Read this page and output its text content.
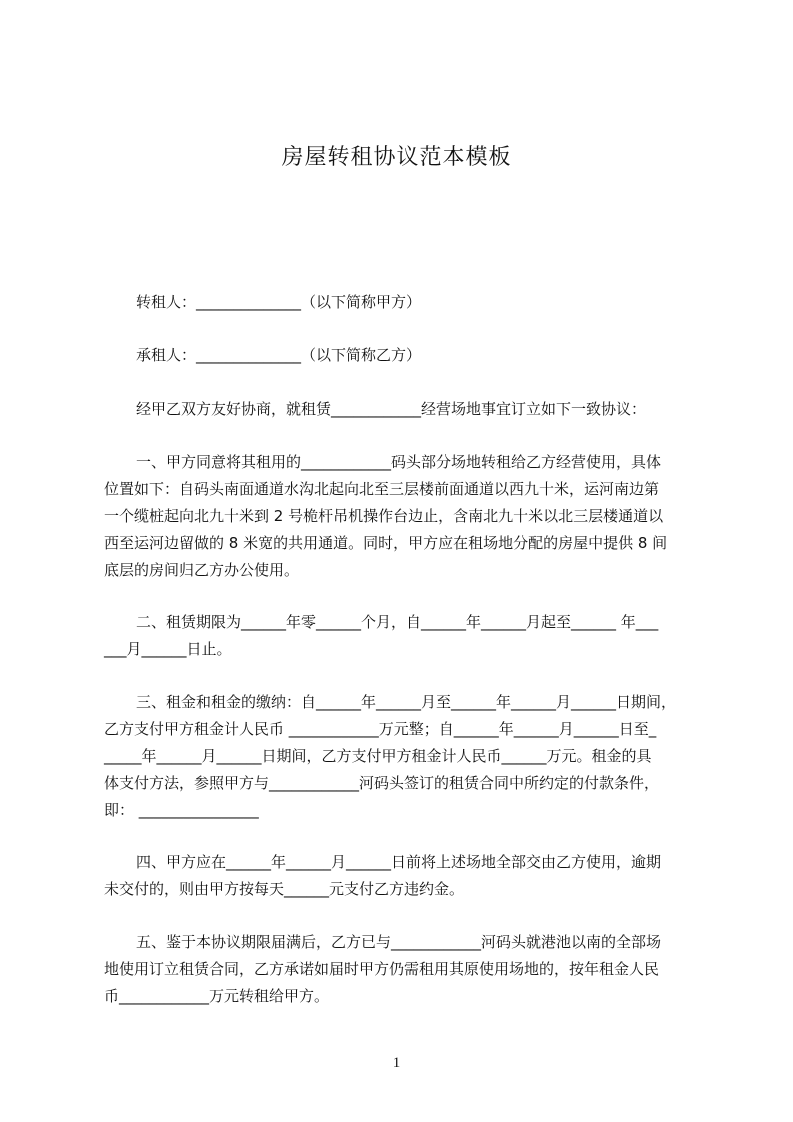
房屋转租协议范本模板
转租人：______________（以下简称甲方）
承租人：______________（以下简称乙方）
经甲乙双方友好协商，就租赁____________经营场地事宜订立如下一致协议：
一、甲方同意将其租用的____________码头部分场地转租给乙方经营使用，具体
位置如下：自码头南面通道水沟北起向北至三层楼前面通道以西九十米，运河南边第
一个缆桩起向北九十米到 2 号桅杆吊机操作台边止，含南北九十米以北三层楼通道以
西至运河边留做的 8 米宽的共用通道。同时，甲方应在租场地分配的房屋中提供 8 间
底层的房间归乙方办公使用。
二、租赁期限为______年零______个月，自______年______月起至______ 年___
___月______日止。
三、租金和租金的缴纳：自______年______月至______年______月______日期间，
乙方支付甲方租金计人民币 ____________万元整；自______年______月______日至_
_____年______月______日期间，乙方支付甲方租金计人民币______万元。租金的具
体支付方法，参照甲方与____________河码头签订的租赁合同中所约定的付款条件，
即： ________________
四、甲方应在______年______月______日前将上述场地全部交由乙方使用，逾期
未交付的，则由甲方按每天______元支付乙方违约金。
五、鉴于本协议期限届满后，乙方已与____________河码头就港池以南的全部场
地使用订立租赁合同，乙方承诺如届时甲方仍需租用其原使用场地的，按年租金人民
币____________万元转租给甲方。
1
